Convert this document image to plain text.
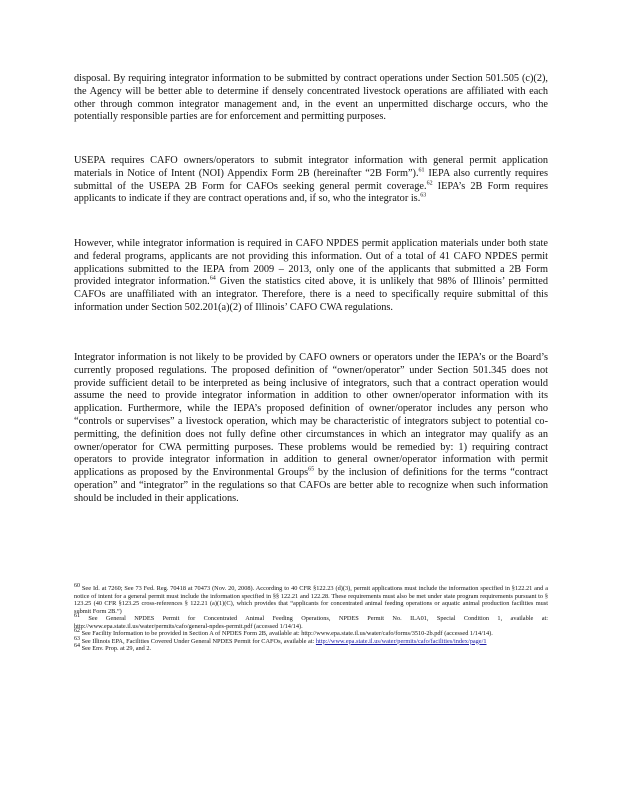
disposal. By requiring integrator information to be submitted by contract operations under Section 501.505 (c)(2), the Agency will be better able to determine if densely concentrated livestock operations are affiliated with each other through common integrator management and, in the event an unpermitted discharge occurs, who the potentially responsible parties are for enforcement and permitting purposes.

USEPA requires CAFO owners/operators to submit integrator information with general permit application materials in Notice of Intent (NOI) Appendix Form 2B (hereinafter “2B Form”).$^{61}$ IEPA also currently requires submittal of the USEPA 2B Form for CAFOs seeking general permit coverage.$^{62}$ IEPA’s 2B Form requires applicants to indicate if they are contract operations and, if so, who the integrator is.$^{63}$

However, while integrator information is required in CAFO NPDES permit application materials under both state and federal programs, applicants are not providing this information. Out of a total of 41 CAFO NPDES permit applications submitted to the IEPA from 2009 – 2013, only one of the applicants that submitted a 2B Form provided integrator information.$^{64}$ Given the statistics cited above, it is unlikely that 98% of Illinois’ permitted CAFOs are unaffiliated with an integrator. Therefore, there is a need to specifically require submittal of this information under Section 502.201(a)(2) of Illinois’ CAFO CWA regulations.

Integrator information is not likely to be provided by CAFO owners or operators under the IEPA’s or the Board’s currently proposed regulations. The proposed definition of “owner/operator” under Section 501.345 does not provide sufficient detail to be interpreted as being inclusive of integrators, such that a contract operation would assume the need to provide integrator information in addition to other owner/operator information with its application. Furthermore, while the IEPA’s proposed definition of owner/operator includes any person who “controls or supervises” a livestock operation, which may be characteristic of integrators subject to potential co-permitting, the definition does not fully define other circumstances in which an integrator may qualify as an owner/operator for CWA permitting purposes. These problems would be remedied by: 1) requiring contract operators to provide integrator information in addition to general owner/operator information with permit applications as proposed by the Environmental Groups$^{65}$ by the inclusion of definitions for the terms “contract operation” and “integrator” in the regulations so that CAFOs are better able to recognize when such information should be included in their applications.

$^{60}$ See Id. at 7260; See 73 Fed. Reg. 70418 at 70473 (Nov. 20, 2008). According to 40 CFR §122.23 (d)(3), permit applications must include the information specified in §122.21 and a notice of intent for a general permit must include the information specified in §§ 122.21 and 122.28. These requirements must also be met under state program requirements pursuant to § 123.25 (40 CFR §123.25 cross-references § 122.21 (a)(1)(C), which provides that “applicants for concentrated animal feeding operations or aquatic animal production facilities must submit Form 2B.”)

$^{61}$ See General NPDES Permit for Concentrated Animal Feeding Operations, NPDES Permit No. ILA01, Special Condition 1, available at: http://www.epa.state.il.us/water/permits/cafo/general-npdes-permit.pdf (accessed 1/14/14).

$^{62}$ See Facility Information to be provided in Section A of NPDES Form 2B, available at: http://www.epa.state.il.us/water/cafo/forms/3510-2b.pdf (accessed 1/14/14).

$^{63}$ See Illinois EPA, Facilities Covered Under General NPDES Permit for CAFOs, available at: http://www.epa.state.il.us/water/permits/cafo/facilities/index/page/1

$^{64}$ See Env. Prop. at 29, and 2.
